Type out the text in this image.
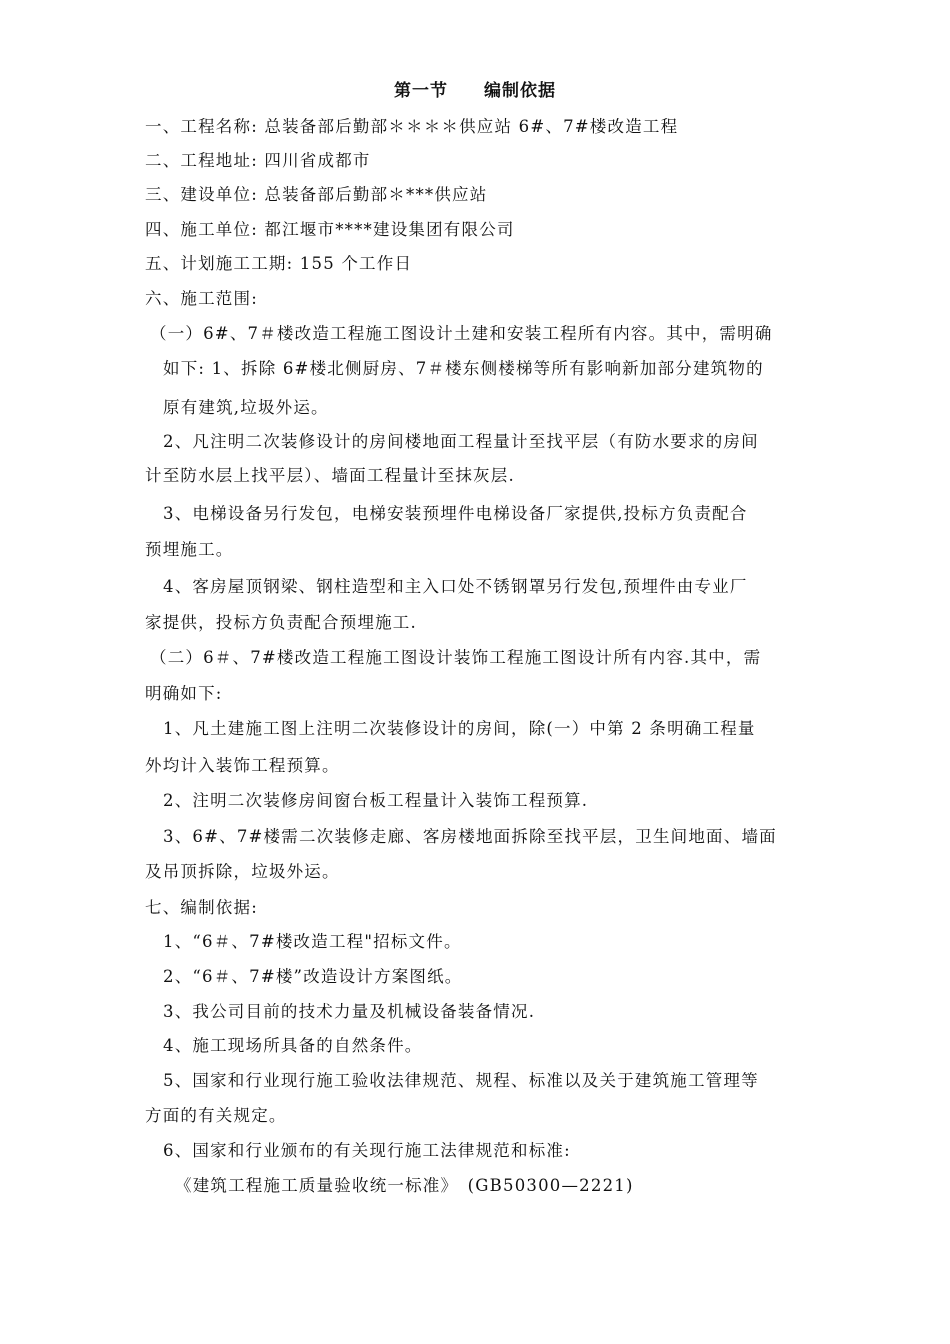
第一节　　编制依据
一、工程名称: 总装备部后勤部＊＊＊＊供应站 6#、7#楼改造工程
二、工程地址: 四川省成都市
三、建设单位: 总装备部后勤部＊***供应站
四、施工单位: 都江堰市****建设集团有限公司
五、计划施工工期: 155 个工作日
六、施工范围:
（一）6#、7＃楼改造工程施工图设计土建和安装工程所有内容。其中，需明确
如下: 1、拆除 6#楼北侧厨房、7＃楼东侧楼梯等所有影响新加部分建筑物的
原有建筑,垃圾外运。
2、凡注明二次装修设计的房间楼地面工程量计至找平层（有防水要求的房间
计至防水层上找平层）、墙面工程量计至抹灰层.
3、电梯设备另行发包，电梯安装预埋件电梯设备厂家提供,投标方负责配合
预埋施工。
4、客房屋顶钢梁、钢柱造型和主入口处不锈钢罩另行发包,预埋件由专业厂
家提供，投标方负责配合预埋施工.
（二）6＃、7#楼改造工程施工图设计装饰工程施工图设计所有内容.其中，需
明确如下:
1、凡土建施工图上注明二次装修设计的房间，除(一）中第 2 条明确工程量
外均计入装饰工程预算。
2、注明二次装修房间窗台板工程量计入装饰工程预算.
3、6#、7#楼需二次装修走廊、客房楼地面拆除至找平层，卫生间地面、墙面
及吊顶拆除，垃圾外运。
七、编制依据:
1、“6＃、7#楼改造工程"招标文件。
2、“6＃、7#楼”改造设计方案图纸。
3、我公司目前的技术力量及机械设备装备情况.
4、施工现场所具备的自然条件。
5、国家和行业现行施工验收法律规范、规程、标准以及关于建筑施工管理等
方面的有关规定。
6、国家和行业颁布的有关现行施工法律规范和标准:
《建筑工程施工质量验收统一标准》　(GB50300—2221)
